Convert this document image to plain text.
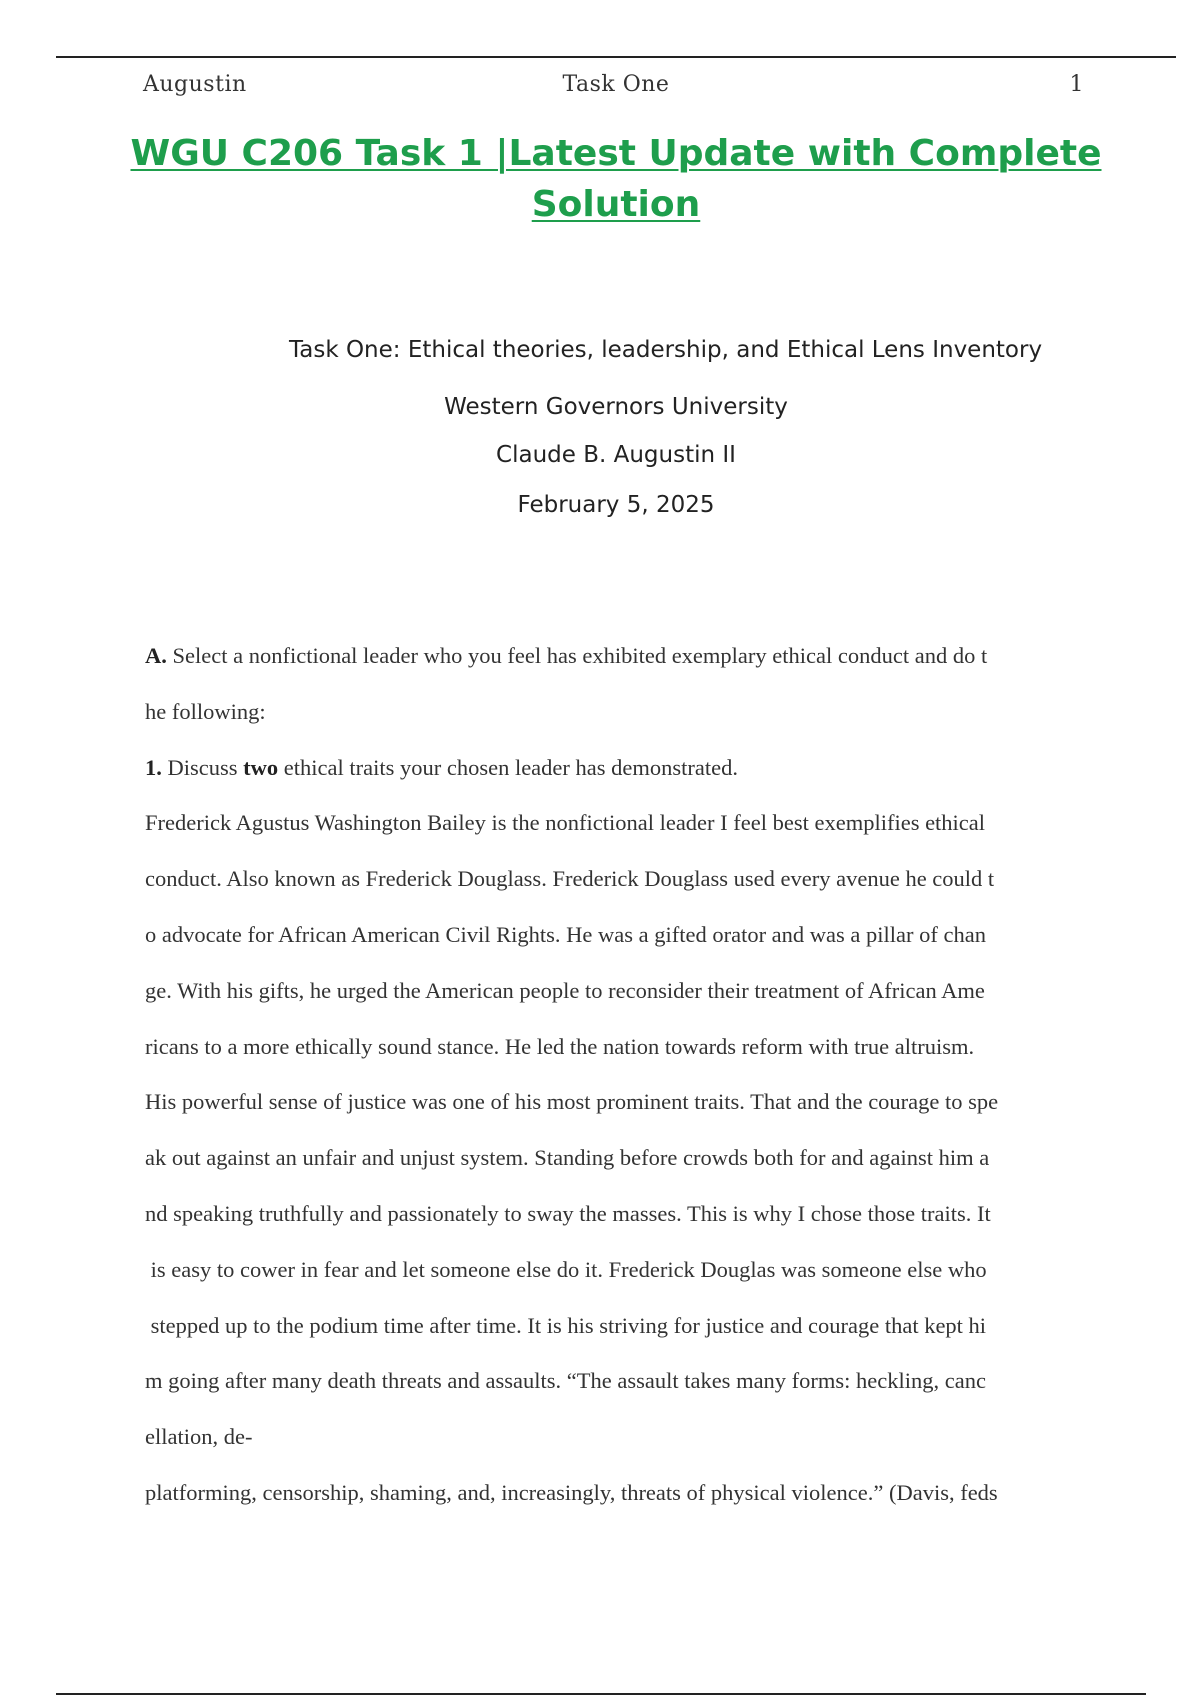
Augustin	Task One	1
WGU C206 Task 1 |Latest Update with Complete
Solution
Task One: Ethical theories, leadership, and Ethical Lens Inventory
Western Governors University
Claude B. Augustin II
February 5, 2025

A. Select a nonfictional leader who you feel has exhibited exemplary ethical conduct and do t

he following:

1. Discuss two ethical traits your chosen leader has demonstrated.

Frederick Agustus Washington Bailey is the nonfictional leader I feel best exemplifies ethical

conduct. Also known as Frederick Douglass. Frederick Douglass used every avenue he could t

o advocate for African American Civil Rights. He was a gifted orator and was a pillar of chan

ge. With his gifts, he urged the American people to reconsider their treatment of African Ame

ricans to a more ethically sound stance. He led the nation towards reform with true altruism.

His powerful sense of justice was one of his most prominent traits. That and the courage to spe

ak out against an unfair and unjust system. Standing before crowds both for and against him a

nd speaking truthfully and passionately to sway the masses. This is why I chose those traits. It

is easy to cower in fear and let someone else do it. Frederick Douglas was someone else who

stepped up to the podium time after time. It is his striving for justice and courage that kept hi

m going after many death threats and assaults. “The assault takes many forms: heckling, canc

ellation, de-

platforming, censorship, shaming, and, increasingly, threats of physical violence.” (Davis, feds
